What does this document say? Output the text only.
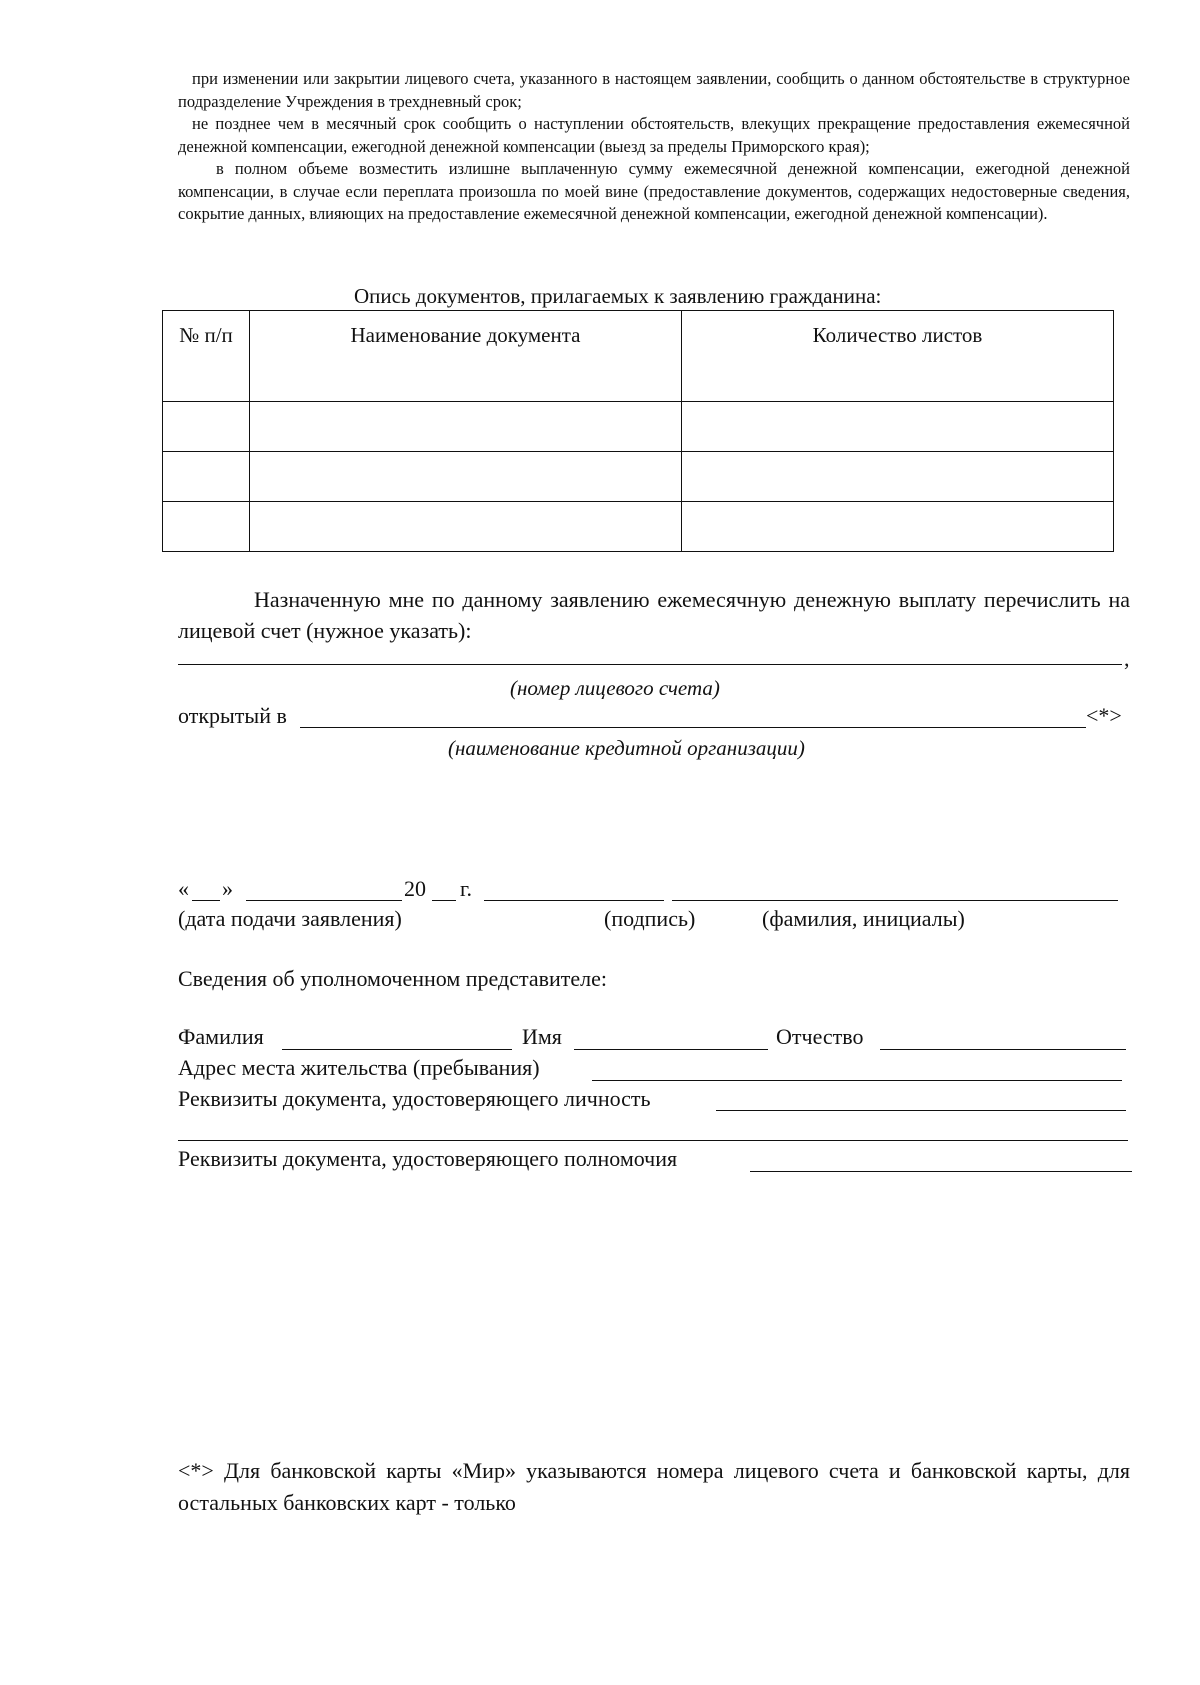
при изменении или закрытии лицевого счета, указанного в настоящем заявлении, сообщить о данном обстоятельстве в структурное подразделение Учреждения в трехдневный срок;

не позднее чем в месячный срок сообщить о наступлении обстоятельств, влекущих прекращение предоставления ежемесячной денежной компенсации, ежегодной денежной компенсации (выезд за пределы Приморского края);

в полном объеме возместить излишне выплаченную сумму ежемесячной денежной компенсации, ежегодной денежной компенсации, в случае если переплата произошла по моей вине (предоставление документов, содержащих недостоверные сведения, сокрытие данных, влияющих на предоставление ежемесячной денежной компенсации, ежегодной денежной компенсации).

Опись документов, прилагаемых к заявлению гражданина:
№ п/п	Наименование документа	Количество листов

Назначенную мне по данному заявлению ежемесячную денежную выплату перечислить на лицевой счет (нужное указать):

,
(номер лицевого счета)
открытый в	<*>
(наименование кредитной организации)
« »	20 г.
(дата подачи заявления)	(подпись)	(фамилия, инициалы)
Сведения об уполномоченном представителе:
Фамилия	Имя	Отчество
Адрес места жительства (пребывания)
Реквизиты документа, удостоверяющего личность
Реквизиты документа, удостоверяющего полномочия

<*> Для банковской карты «Мир» указываются номера лицевого счета и банковской карты, для остальных банковских карт - только
